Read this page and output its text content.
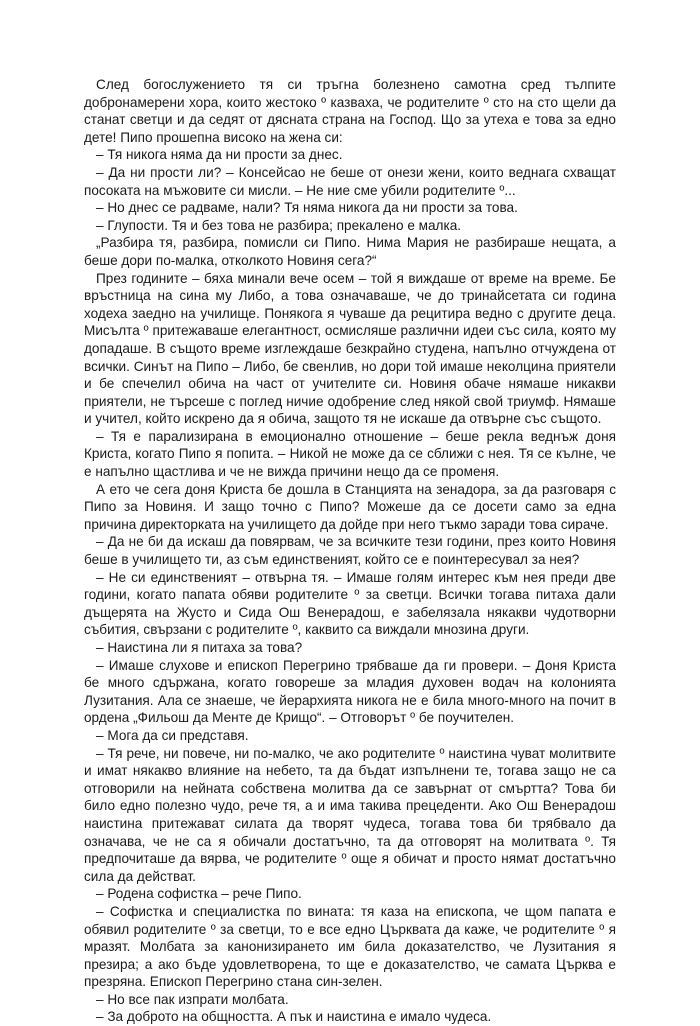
След богослужението тя си тръгна болезнено самотна сред тълпите добронамерени хора, които жестоко º казваха, че родителите º сто на сто щели да станат светци и да седят от дясната страна на Господ. Що за утеха е това за едно дете! Пипо прошепна високо на жена си:

– Тя никога няма да ни прости за днес.

– Да ни прости ли? – Консейсао не беше от онези жени, които веднага схващат посоката на мъжовите си мисли. – Не ние сме убили родителите º...

– Но днес се радваме, нали? Тя няма никога да ни прости за това.

– Глупости. Тя и без това не разбира; прекалено е малка.

„Разбира тя, разбира, помисли си Пипо. Нима Мария не разбираше нещата, а беше дори по-малка, отколкото Новиня сега?“

През годините – бяха минали вече осем – той я виждаше от време на време. Бе връстница на сина му Либо, а това означаваше, че до тринайсетата си година ходеха заедно на училище. Понякога я чуваше да рецитира ведно с другите деца. Мисълта º притежаваше елегантност, осмисляше различни идеи със сила, която му допадаше. В същото време изглеждаше безкрайно студена, напълно отчуждена от всички. Синът на Пипо – Либо, бе свенлив, но дори той имаше неколцина приятели и бе спечелил обича на част от учителите си. Новиня обаче нямаше никакви приятели, не търсеше с поглед ничие одобрение след някой свой триумф. Нямаше и учител, който искрено да я обича, защото тя не искаше да отвърне със същото.

– Тя е парализирана в емоционално отношение – беше рекла веднъж доня Криста, когато Пипо я попита. – Никой не може да се сближи с нея. Тя се кълне, че е напълно щастлива и че не вижда причини нещо да се променя.

А ето че сега доня Криста бе дошла в Станцията на зенадора, за да разговаря с Пипо за Новиня. И защо точно с Пипо? Можеше да се досети само за една причина директорката на училището да дойде при него тъкмо заради това сираче.

– Да не би да искаш да повярвам, че за всичките тези години, през които Новиня беше в училището ти, аз съм единственият, който се е поинтересувал за нея?

– Не си единственият – отвърна тя. – Имаше голям интерес към нея преди две години, когато папата обяви родителите º за светци. Всички тогава питаха дали дъщерята на Жусто и Сида Ош Венерадош, е забелязала някакви чудотворни събития, свързани с родителите º, каквито са виждали мнозина други.

– Наистина ли я питаха за това?

– Имаше слухове и епископ Перегрино трябваше да ги провери. – Доня Криста бе много сдържана, когато говореше за младия духовен водач на колонията Лузитания. Ала се знаеше, че йерархията никога не е била много-много на почит в ордена „Фильош да Менте де Крищо“. – Отговорът º бе поучителен.

– Мога да си представя.

– Тя рече, ни повече, ни по-малко, че ако родителите º наистина чуват молитвите и имат някакво влияние на небето, та да бъдат изпълнени те, тогава защо не са отговорили на нейната собствена молитва да се завърнат от смъртта? Това би било едно полезно чудо, рече тя, а и има такива прецеденти. Ако Ош Венерадош наистина притежават силата да творят чудеса, тогава това би трябвало да означава, че не са я обичали достатъчно, та да отговорят на молитвата º. Тя предпочиташе да вярва, че родителите º още я обичат и просто нямат достатъчно сила да действат.

– Родена софистка – рече Пипо.

– Софистка и специалистка по вината: тя каза на епископа, че щом папата е обявил родителите º за светци, то е все едно Църквата да каже, че родителите º я мразят. Молбата за канонизирането им била доказателство, че Лузитания я презира; а ако бъде удовлетворена, то ще е доказателство, че самата Църква е презряна. Епископ Перегрино стана син-зелен.

– Но все пак изпрати молбата.

– За доброто на общността. А пък и наистина е имало чудеса.
